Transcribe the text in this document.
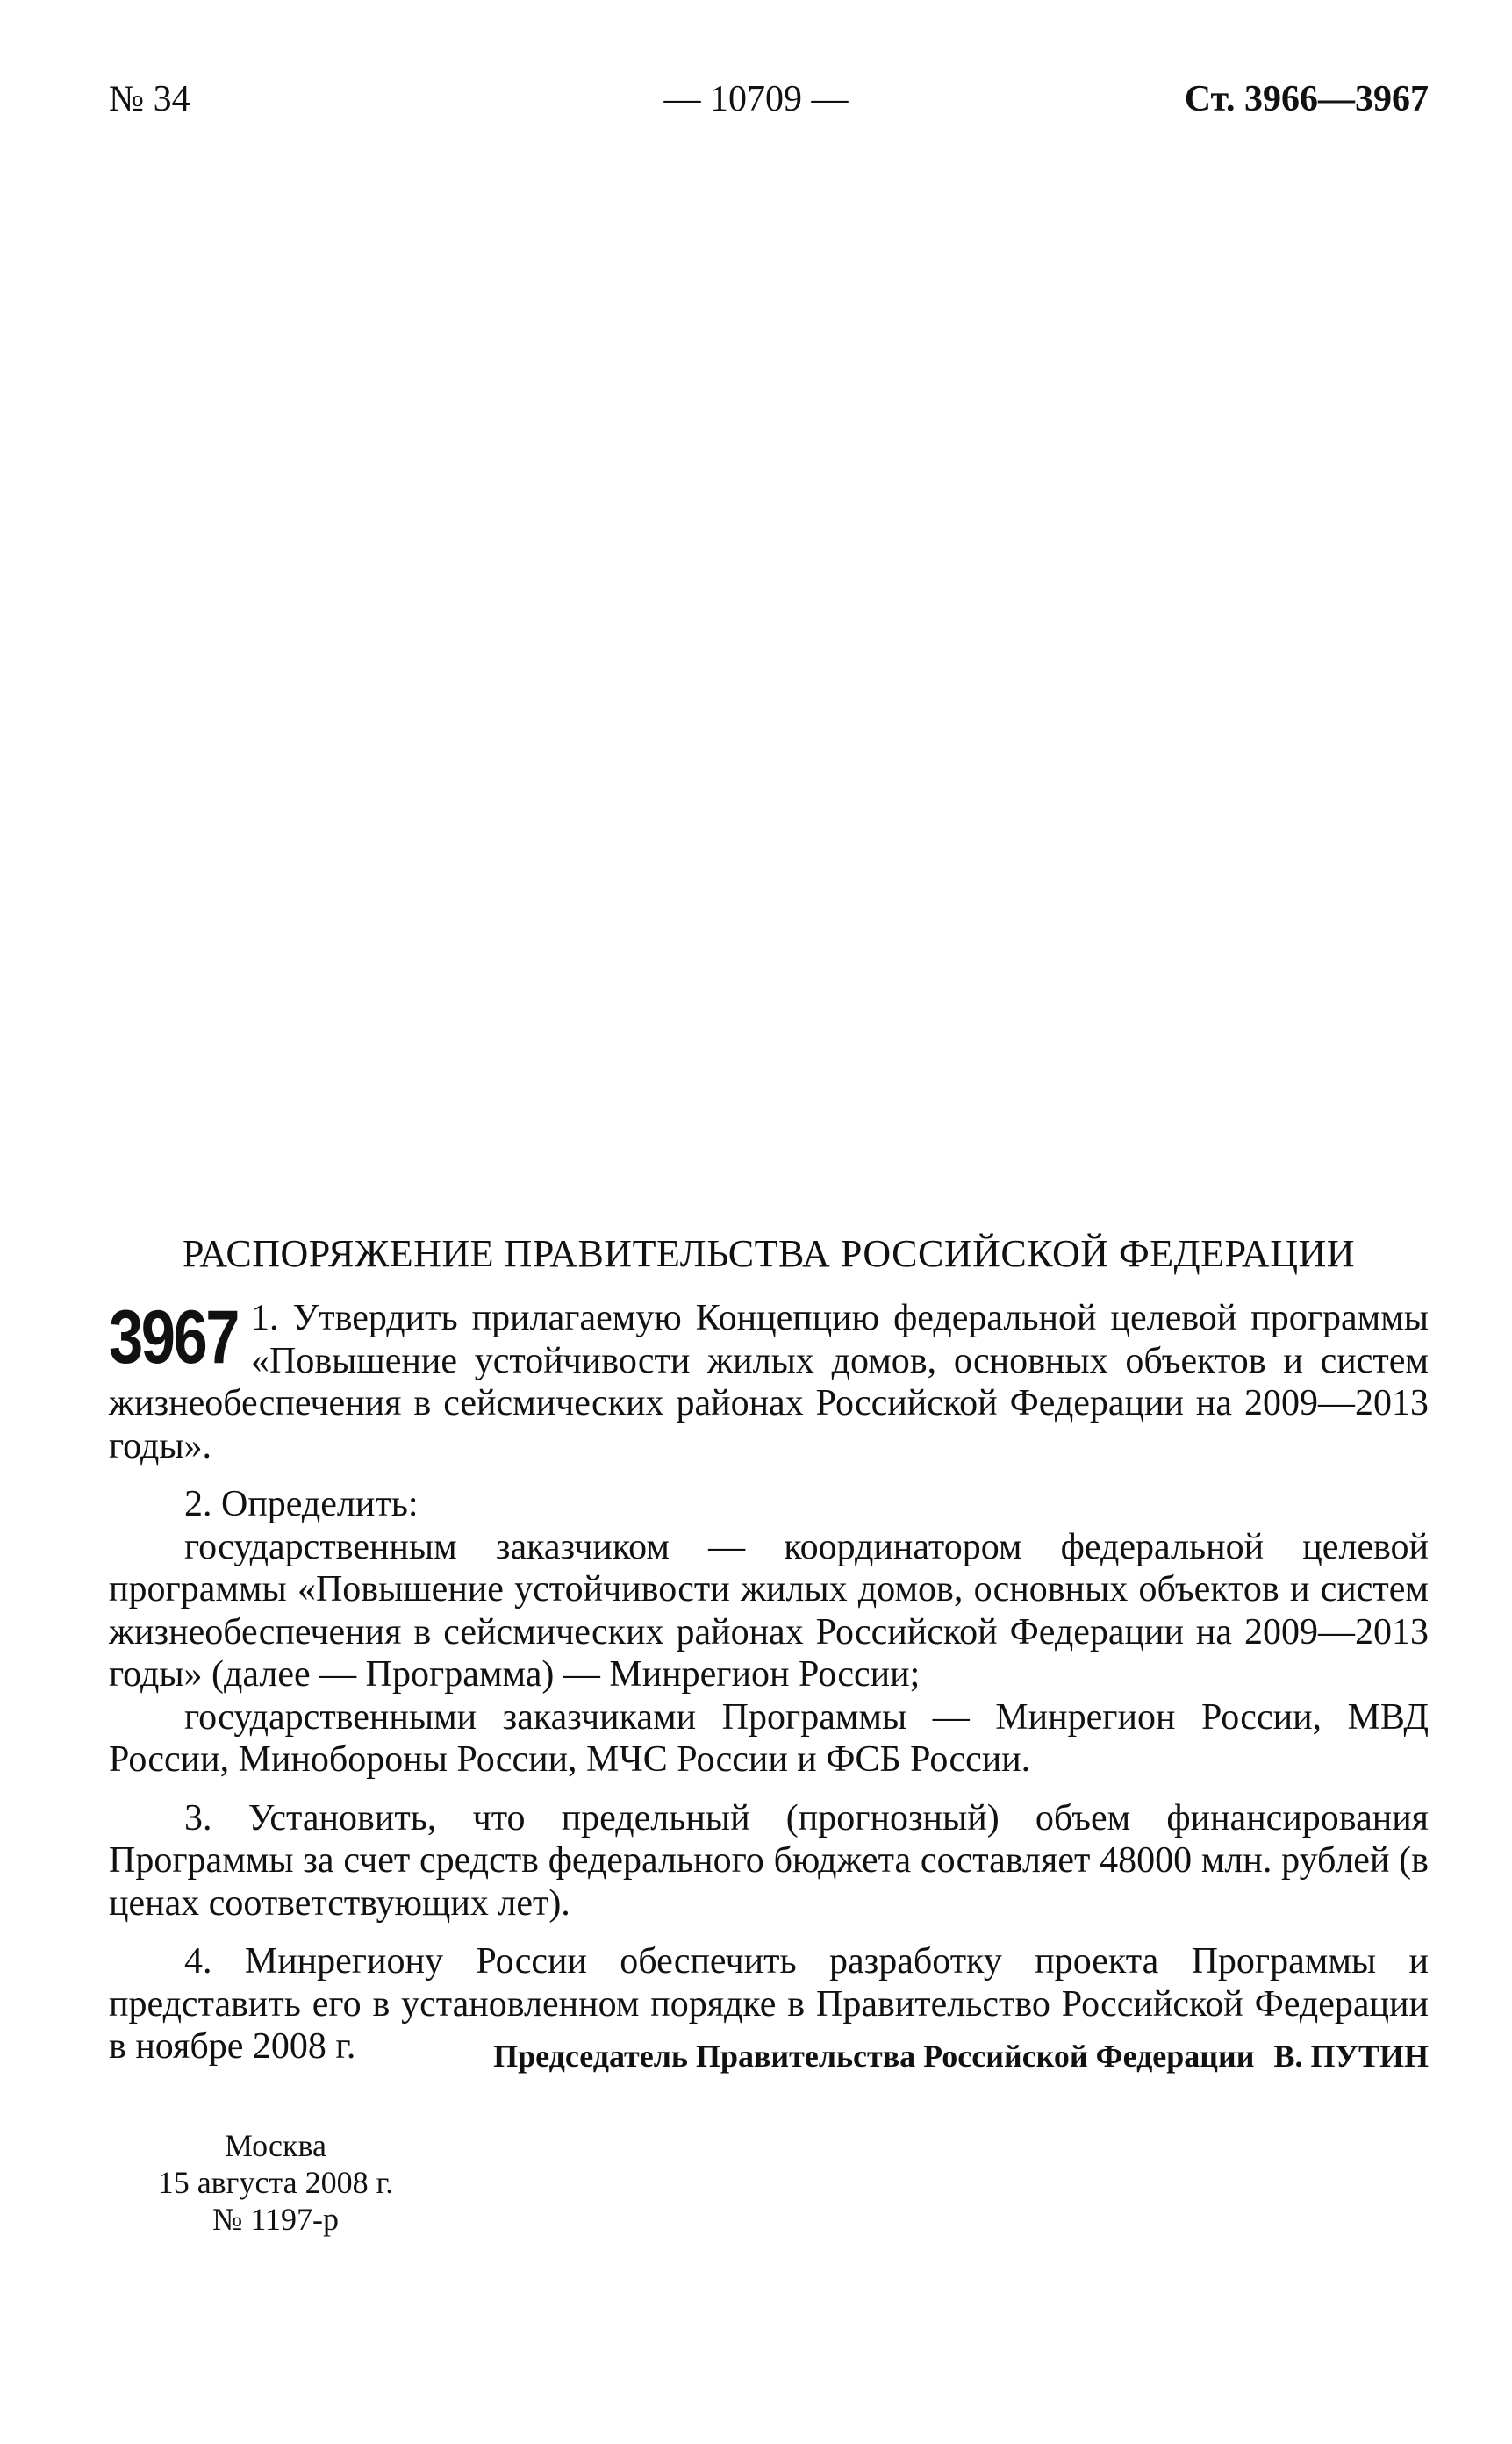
№ 34	— 10709 —	Ст. 3966—3967
РАСПОРЯЖЕНИЕ ПРАВИТЕЛЬСТВА РОССИЙСКОЙ ФЕДЕРАЦИИ
3967 1. Утвердить прилагаемую Концепцию федеральной целевой программы «Повышение устойчивости жилых домов, основных объектов и систем жизнеобеспечения в сейсмических районах Российской Федерации на 2009—2013 годы».

2. Определить:

государственным заказчиком — координатором федеральной целевой программы «Повышение устойчивости жилых домов, основных объектов и систем жизнеобеспечения в сейсмических районах Российской Федерации на 2009—2013 годы» (далее — Программа) — Минрегион России;

государственными заказчиками Программы — Минрегион России, МВД России, Минобороны России, МЧС России и ФСБ России.

3. Установить, что предельный (прогнозный) объем финансирования Программы за счет средств федерального бюджета составляет 48000 млн. рублей (в ценах соответствующих лет).

4. Минрегиону России обеспечить разработку проекта Программы и представить его в установленном порядке в Правительство Российской Федерации в ноябре 2008 г.	Председатель Правительства Российской Федерации В. ПУТИН
Москва
15 августа 2008 г.
№ 1197-р
